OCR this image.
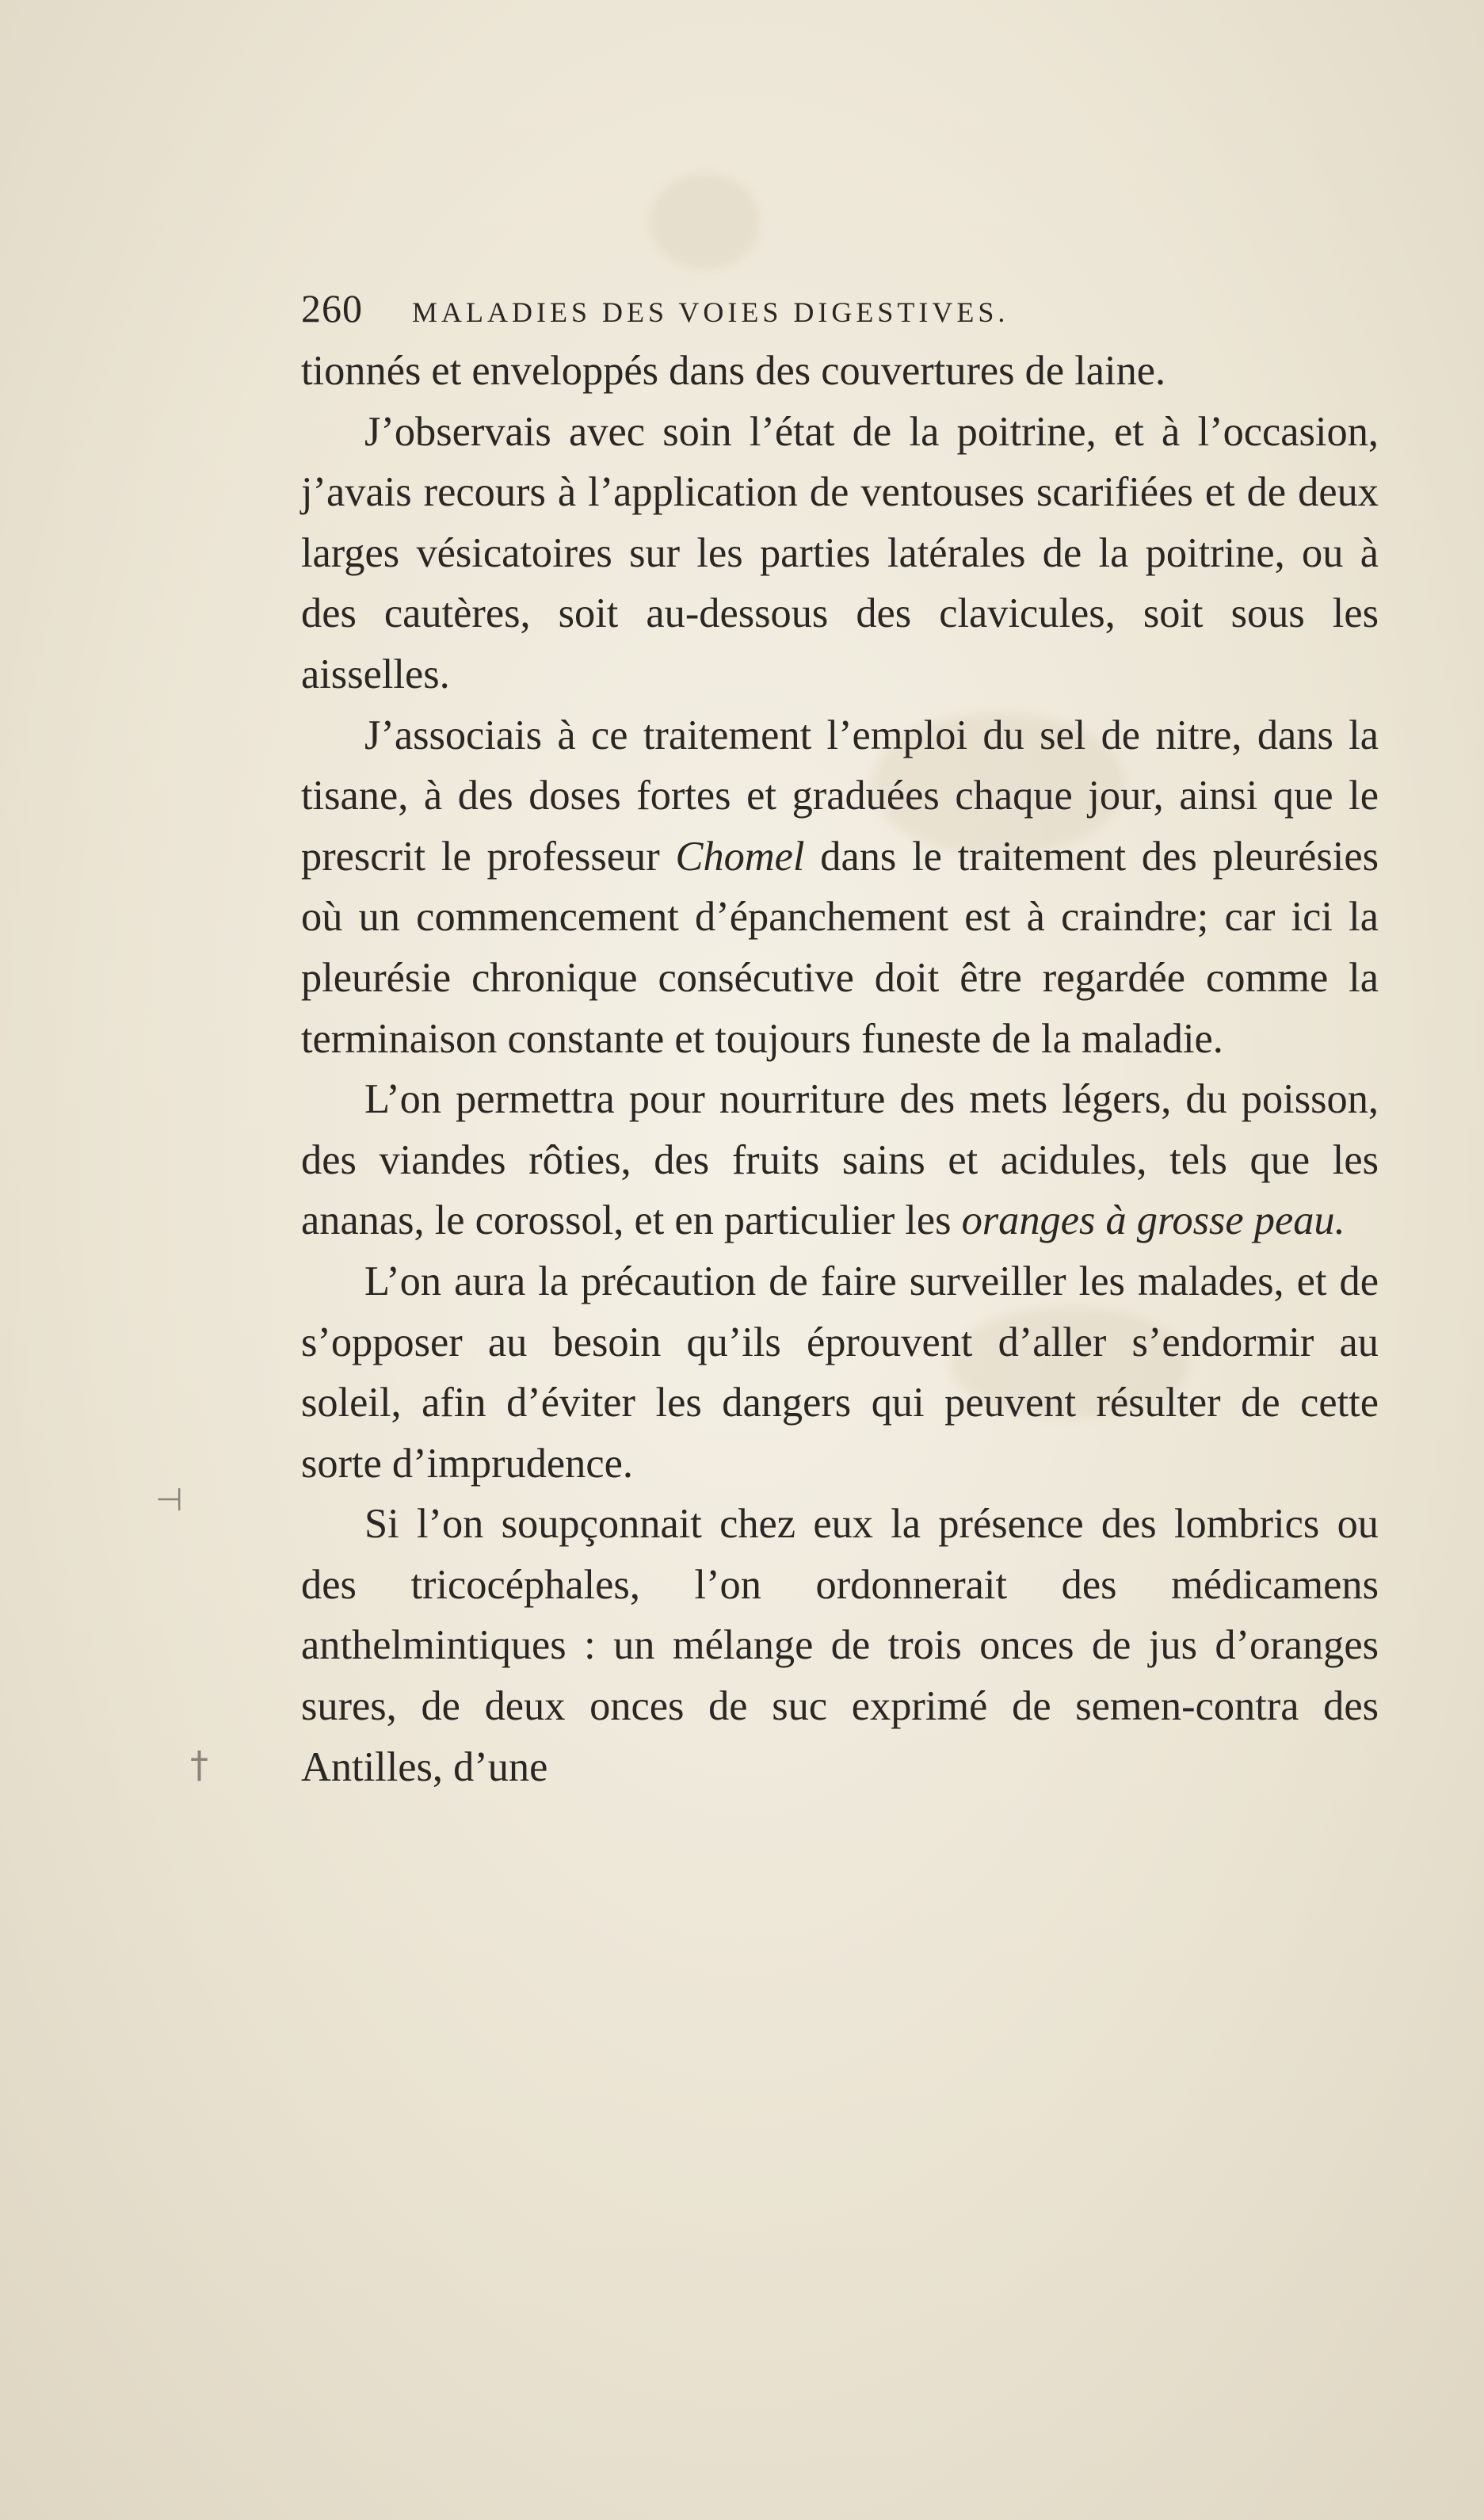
⊣
†
260 MALADIES DES VOIES DIGESTIVES.

tionnés et enveloppés dans des couvertures de laine.

J’observais avec soin l’état de la poitrine, et à l’occasion, j’avais recours à l’application de ventouses scarifiées et de deux larges vésicatoires sur les parties latérales de la poitrine, ou à des cautères, soit au-dessous des clavicules, soit sous les aisselles.

J’associais à ce traitement l’emploi du sel de nitre, dans la tisane, à des doses fortes et graduées chaque jour, ainsi que le prescrit le professeur Chomel dans le traitement des pleurésies où un commencement d’épanchement est à craindre; car ici la pleurésie chronique consécutive doit être regardée comme la terminaison constante et toujours funeste de la maladie.

L’on permettra pour nourriture des mets légers, du poisson, des viandes rôties, des fruits sains et acidules, tels que les ananas, le corossol, et en particulier les oranges à grosse peau.

L’on aura la précaution de faire surveiller les malades, et de s’opposer au besoin qu’ils éprouvent d’aller s’endormir au soleil, afin d’éviter les dangers qui peuvent résulter de cette sorte d’imprudence.

Si l’on soupçonnait chez eux la présence des lombrics ou des tricocéphales, l’on ordonnerait des médicamens anthelmintiques : un mélange de trois onces de jus d’oranges sures, de deux onces de suc exprimé de semen-contra des Antilles, d’une
